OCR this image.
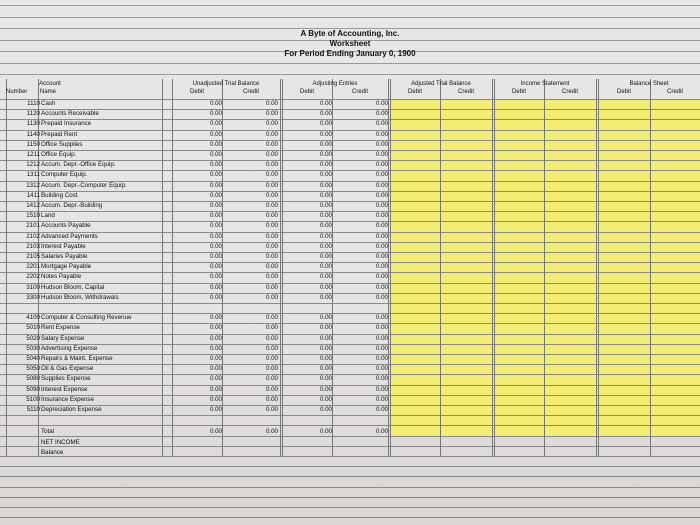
A Byte of Accounting, Inc.
Worksheet
For Period Ending January 0, 1900
Account
Number	Name
Unadjusted Trial Balance
Debit	Credit
Adjusting Entries
Debit	Credit
Adjusted Trial Balance
Debit	Credit
Income Statement
Debit	Credit
Balance Sheet
Debit	Credit
1110 Cash	0.00	0.00	0.00	0.00
1120 Accounts Receivable	0.00	0.00	0.00	0.00
1130 Prepaid Insurance	0.00	0.00	0.00	0.00
1140 Prepaid Rent	0.00	0.00	0.00	0.00
1150 Office Supplies	0.00	0.00	0.00	0.00
1211 Office Equip.	0.00	0.00	0.00	0.00
1212 Accum. Depr.-Office Equip.	0.00	0.00	0.00	0.00
1311 Computer Equip.	0.00	0.00	0.00	0.00
1312 Accum. Depr.-Computer Equip.	0.00	0.00	0.00	0.00
1411 Building Cost	0.00	0.00	0.00	0.00
1412 Accum. Depr.-Building	0.00	0.00	0.00	0.00
1510 Land	0.00	0.00	0.00	0.00
2101 Accounts Payable	0.00	0.00	0.00	0.00
2102 Advanced Payments	0.00	0.00	0.00	0.00
2103 Interest Payable	0.00	0.00	0.00	0.00
2105 Salaries Payable	0.00	0.00	0.00	0.00
2201 Mortgage Payable	0.00	0.00	0.00	0.00
2202 Notes Payable	0.00	0.00	0.00	0.00
3100 Hudson Bloom, Capital	0.00	0.00	0.00	0.00
3300 Hudson Bloom, Withdrawals	0.00	0.00	0.00	0.00
4100 Computer & Consulting Revenue	0.00	0.00	0.00	0.00
5010 Rent Expense	0.00	0.00	0.00	0.00
5020 Salary Expense	0.00	0.00	0.00	0.00
5030 Advertising Expense	0.00	0.00	0.00	0.00
5040 Repairs & Maint. Expense	0.00	0.00	0.00	0.00
5050 Oil & Gas Expense	0.00	0.00	0.00	0.00
5080 Supplies Expense	0.00	0.00	0.00	0.00
5090 Interest Expense	0.00	0.00	0.00	0.00
5100 Insurance Expense	0.00	0.00	0.00	0.00
5110 Depreciation Expense	0.00	0.00	0.00	0.00
Total	0.00	0.00	0.00	0.00
NET INCOME
Balance
